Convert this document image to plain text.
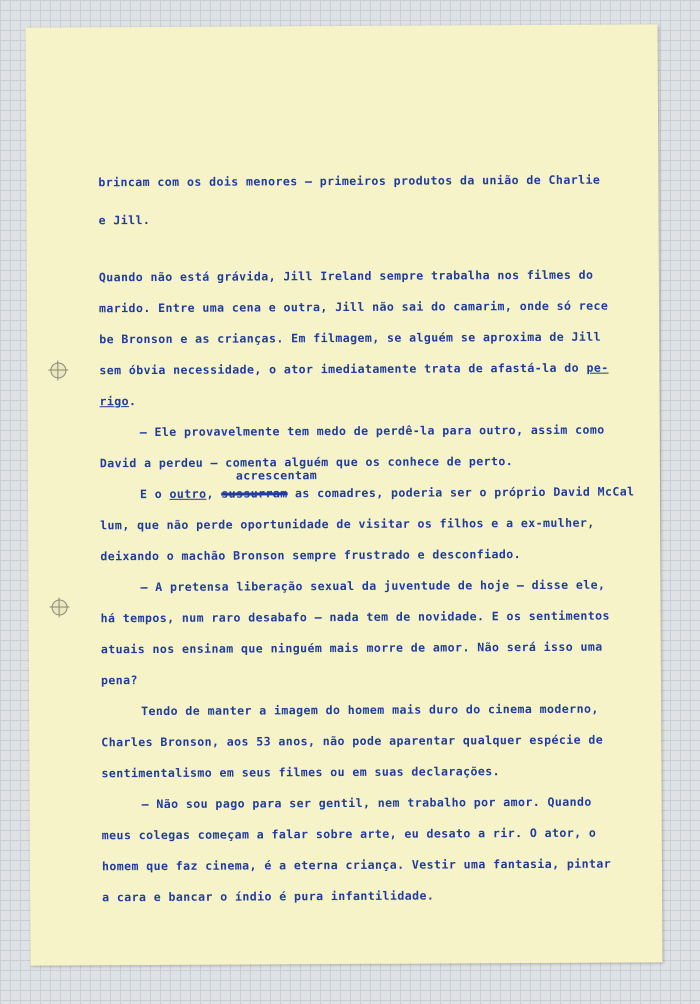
brincam com os dois menores — primeiros produtos da união de Charlie

e Jill.

Quando não está grávida, Jill Ireland sempre trabalha nos filmes do

marido. Entre uma cena e outra, Jill não sai do camarim, onde só rece

be Bronson e as crianças. Em filmagem, se alguém se aproxima de Jill

sem óbvia necessidade, o ator imediatamente trata de afastá-la do pe-

rigo.

— Ele provavelmente tem medo de perdê-la para outro, assim como

David a perdeu — comenta alguém que os conhece de perto.

acrescentam

E o outro, sussurram as comadres, poderia ser o próprio David McCal

lum, que não perde oportunidade de visitar os filhos e a ex-mulher,

deixando o machão Bronson sempre frustrado e desconfiado.

— A pretensa liberação sexual da juventude de hoje — disse ele,

há tempos, num raro desabafo — nada tem de novidade. E os sentimentos

atuais nos ensinam que ninguém mais morre de amor. Não será isso uma

pena?

Tendo de manter a imagem do homem mais duro do cinema moderno,

Charles Bronson, aos 53 anos, não pode aparentar qualquer espécie de

sentimentalismo em seus filmes ou em suas declarações.

— Não sou pago para ser gentil, nem trabalho por amor. Quando

meus colegas começam a falar sobre arte, eu desato a rir. O ator, o

homem que faz cinema, é a eterna criança. Vestir uma fantasia, pintar

a cara e bancar o índio é pura infantilidade.
